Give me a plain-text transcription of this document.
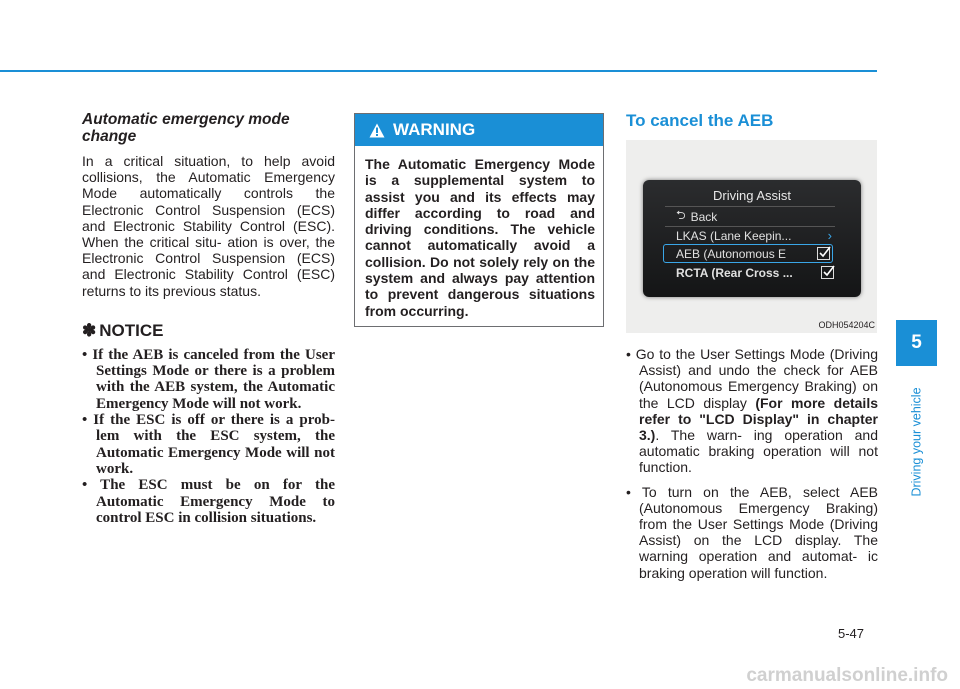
Automatic emergency mode change

In a critical situation, to help avoid collisions, the Automatic Emergency Mode automatically controls the Electronic Control Suspension (ECS) and Electronic Stability Control (ESC). When the critical situ- ation is over, the Electronic Control Suspension (ECS) and Electronic Stability Control (ESC) returns to its previous status.

✽ NOTICE
• If the AEB is canceled from the User Settings Mode or there is a problem with the AEB system, the Automatic Emergency Mode will not work.
• If the ESC is off or there is a prob- lem with the ESC system, the Automatic Emergency Mode will not work.
• The ESC must be on for the Automatic Emergency Mode to control ESC in collision situations.
WARNING

The Automatic Emergency Mode is a supplemental system to assist you and its effects may differ according to road and driving conditions. The vehicle cannot automatically avoid a collision. Do not solely rely on the system and always pay attention to prevent dangerous situations from occurring.

To cancel the AEB
Driving Assist
⮌ Back
LKAS (Lane Keepin...	›
AEB (Autonomous E
RCTA (Rear Cross ...
ODH054204C
• Go to the User Settings Mode (Driving Assist) and undo the check for AEB (Autonomous Emergency Braking) on the LCD display (For more details refer to "LCD Display" in chapter 3.). The warn- ing operation and automatic braking operation will not function.
• To turn on the AEB, select AEB (Autonomous Emergency Braking) from the User Settings Mode (Driving Assist) on the LCD display. The warning operation and automat- ic braking operation will function.
5
Driving your vehicle
5-47
carmanualsonline.info
